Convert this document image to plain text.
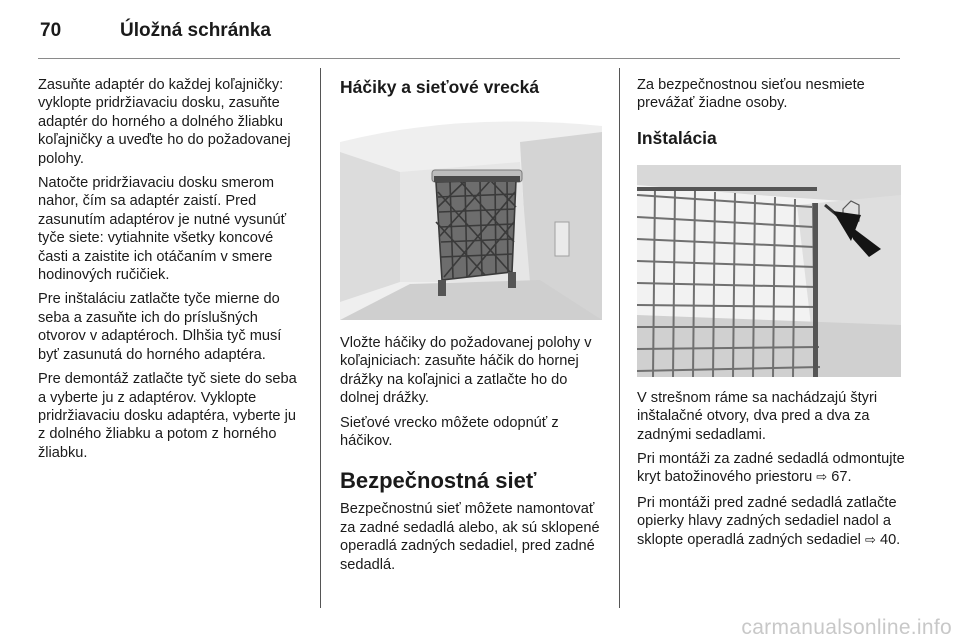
70	Úložná schránka

Zasuňte adaptér do každej koľajničky: vyklopte pridržiavaciu dosku, zasuňte adaptér do horného a dolného žliabku koľajničky a uveďte ho do požadovanej polohy.

Natočte pridržiavaciu dosku smerom nahor, čím sa adaptér zaistí. Pred zasunutím adaptérov je nutné vysunúť tyče siete: vytiahnite všetky koncové časti a zaistite ich otáčaním v smere hodinových ručičiek.

Pre inštaláciu zatlačte tyče mierne do seba a zasuňte ich do príslušných otvorov v adaptéroch. Dlhšia tyč musí byť zasunutá do horného adaptéra.

Pre demontáž zatlačte tyč siete do seba a vyberte ju z adaptérov. Vyklopte pridržiavaciu dosku adaptéra, vyberte ju z dolného žliabku a potom z horného žliabku.

Háčiky a sieťové vrecká

Vložte háčiky do požadovanej polohy v koľajniciach: zasuňte háčik do hornej drážky na koľajnici a zatlačte ho do dolnej drážky.

Sieťové vrecko môžete odopnúť z háčikov.

Bezpečnostná sieť

Bezpečnostnú sieť môžete namontovať za zadné sedadlá alebo, ak sú sklopené operadlá zadných sedadiel, pred zadné sedadlá.

Za bezpečnostnou sieťou nesmiete prevážať žiadne osoby.

Inštalácia

V strešnom ráme sa nachádzajú štyri inštalačné otvory, dva pred a dva za zadnými sedadlami.

Pri montáži za zadné sedadlá odmontujte kryt batožinového priestoru ⇨ 67.

Pri montáži pred zadné sedadlá zatlačte opierky hlavy zadných sedadiel nadol a sklopte operadlá zadných sedadiel ⇨ 40.

carmanualsonline.info
